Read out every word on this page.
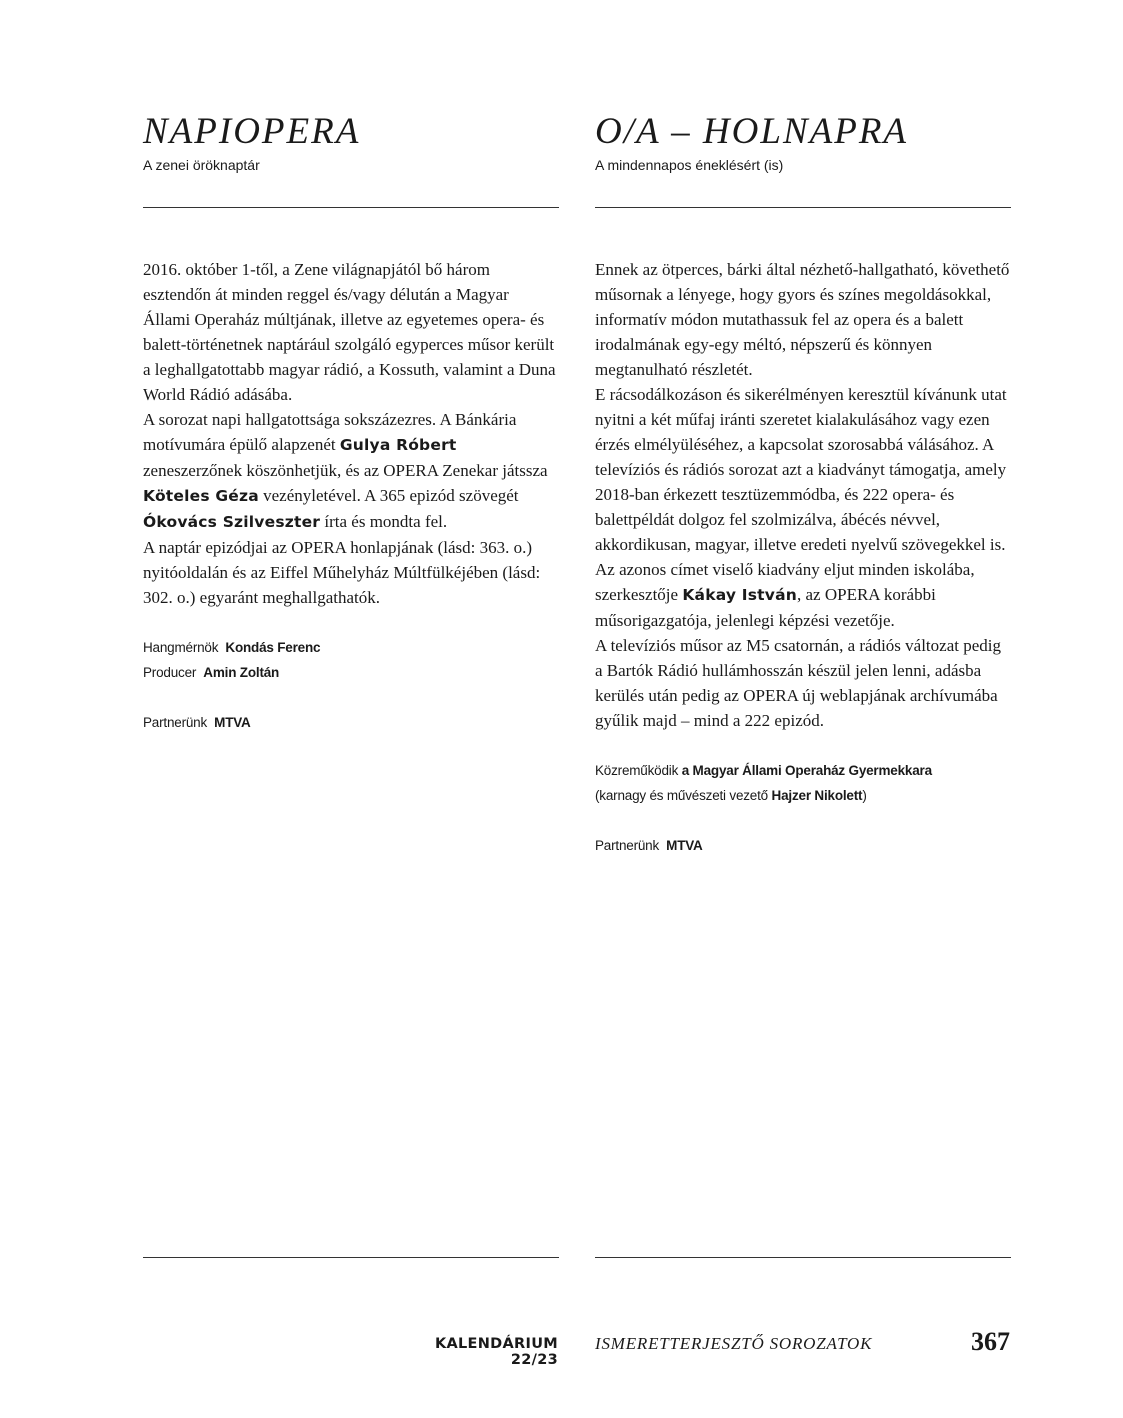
NAPIOPERA
A zenei öröknaptár
O/A – HOLNAPRA
A mindennapos éneklésért (is)

2016. október 1-től, a Zene világnapjától bő három esztendőn át minden reggel és/vagy délután a Magyar Állami Operaház múltjának, illetve az egyetemes opera- és balett-történetnek naptárául szolgáló egyperces műsor került a leghallgatottabb magyar rádió, a Kossuth, valamint a Duna World Rádió adásába.

A sorozat napi hallgatottsága sokszázezres. A Bánkária motívumára épülő alapzenét Gulya Róbert zeneszerzőnek köszönhetjük, és az OPERA Zenekar játssza Köteles Géza vezényletével. A 365 epizód szövegét Ókovács Szilveszter írta és mondta fel.

A naptár epizódjai az OPERA honlapjának (lásd: 363. o.) nyitóoldalán és az Eiffel Műhelyház Múltfülkéjében (lásd: 302. o.) egyaránt meghallgathatók.

Hangmérnök Kondás Ferenc
Producer Amin Zoltán
Partnerünk MTVA

Ennek az ötperces, bárki által nézhető-hallgatható, követhető műsornak a lényege, hogy gyors és színes megoldásokkal, informatív módon mutathassuk fel az opera és a balett irodalmának egy-egy méltó, népszerű és könnyen megtanulható részletét.

E rácsodálkozáson és sikerélményen keresztül kívánunk utat nyitni a két műfaj iránti szeretet kialakulásához vagy ezen érzés elmélyüléséhez, a kapcsolat szorosabbá válásához. A televíziós és rádiós sorozat azt a kiadványt támogatja, amely 2018-ban érkezett tesztüzemmódba, és 222 opera- és balettpéldát dolgoz fel szolmizálva, ábécés névvel, akkordikusan, magyar, illetve eredeti nyelvű szövegekkel is. Az azonos címet viselő kiadvány eljut minden iskolába, szerkesztője Kákay István, az OPERA korábbi műsorigazgatója, jelenlegi képzési vezetője.

A televíziós műsor az M5 csatornán, a rádiós változat pedig a Bartók Rádió hullámhosszán készül jelen lenni, adásba kerülés után pedig az OPERA új weblapjának archívumába gyűlik majd – mind a 222 epizód.

Közreműködik a Magyar Állami Operaház Gyermekkara
(karnagy és művészeti vezető Hajzer Nikolett)
Partnerünk MTVA
KALENDÁRIUM 22/23
ISMERETTERJESZTŐ SOROZATOK	367
